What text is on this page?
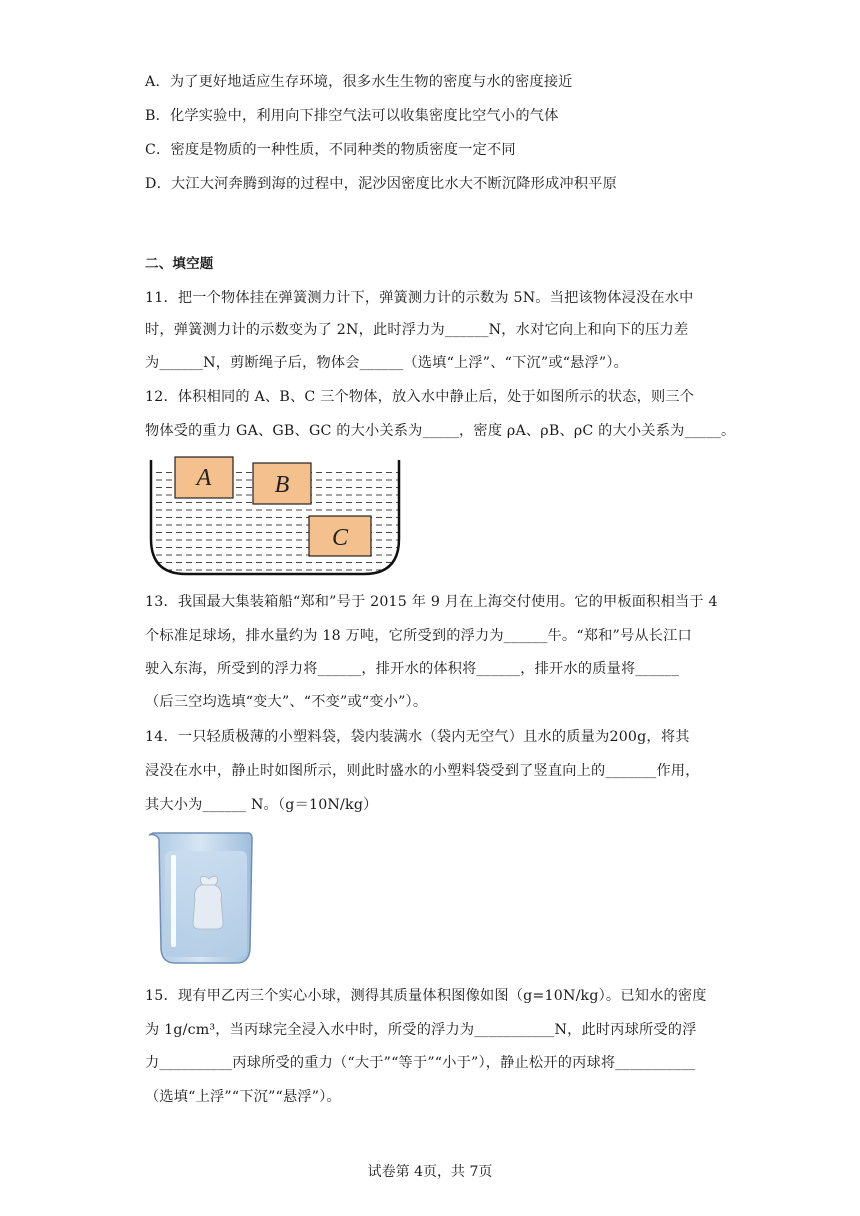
A．为了更好地适应生存环境，很多水生生物的密度与水的密度接近
B．化学实验中，利用向下排空气法可以收集密度比空气小的气体
C．密度是物质的一种性质，不同种类的物质密度一定不同
D．大江大河奔腾到海的过程中，泥沙因密度比水大不断沉降形成冲积平原
二、填空题
11．把一个物体挂在弹簧测力计下，弹簧测力计的示数为 5N。当把该物体浸没在水中
时，弹簧测力计的示数变为了 2N，此时浮力为______N，水对它向上和向下的压力差
为______N，剪断绳子后，物体会______（选填“上浮”、“下沉”或“悬浮”）。
12．体积相同的 A、B、C 三个物体，放入水中静止后，处于如图所示的状态，则三个
物体受的重力 GA、GB、GC 的大小关系为_____，密度 ρA、ρB、ρC 的大小关系为_____。
A	B
C
13．我国最大集装箱船“郑和”号于 2015 年 9 月在上海交付使用。它的甲板面积相当于 4
个标准足球场，排水量约为 18 万吨，它所受到的浮力为______牛。“郑和”号从长江口
驶入东海，所受到的浮力将______，排开水的体积将______，排开水的质量将______
（后三空均选填“变大”、“不变”或“变小”）。
14．一只轻质极薄的小塑料袋，袋内装满水（袋内无空气）且水的质量为200g，将其
浸没在水中，静止时如图所示，则此时盛水的小塑料袋受到了竖直向上的_______作用，
其大小为______ N。（g＝10N/kg）
15．现有甲乙丙三个实心小球，测得其质量体积图像如图（g=10N/kg）。已知水的密度
为 1g/cm³，当丙球完全浸入水中时，所受的浮力为___________N，此时丙球所受的浮
力__________丙球所受的重力（“大于”“等于”“小于”），静止松开的丙球将___________
（选填“上浮”“下沉”“悬浮”）。
试卷第 4页，共 7页
